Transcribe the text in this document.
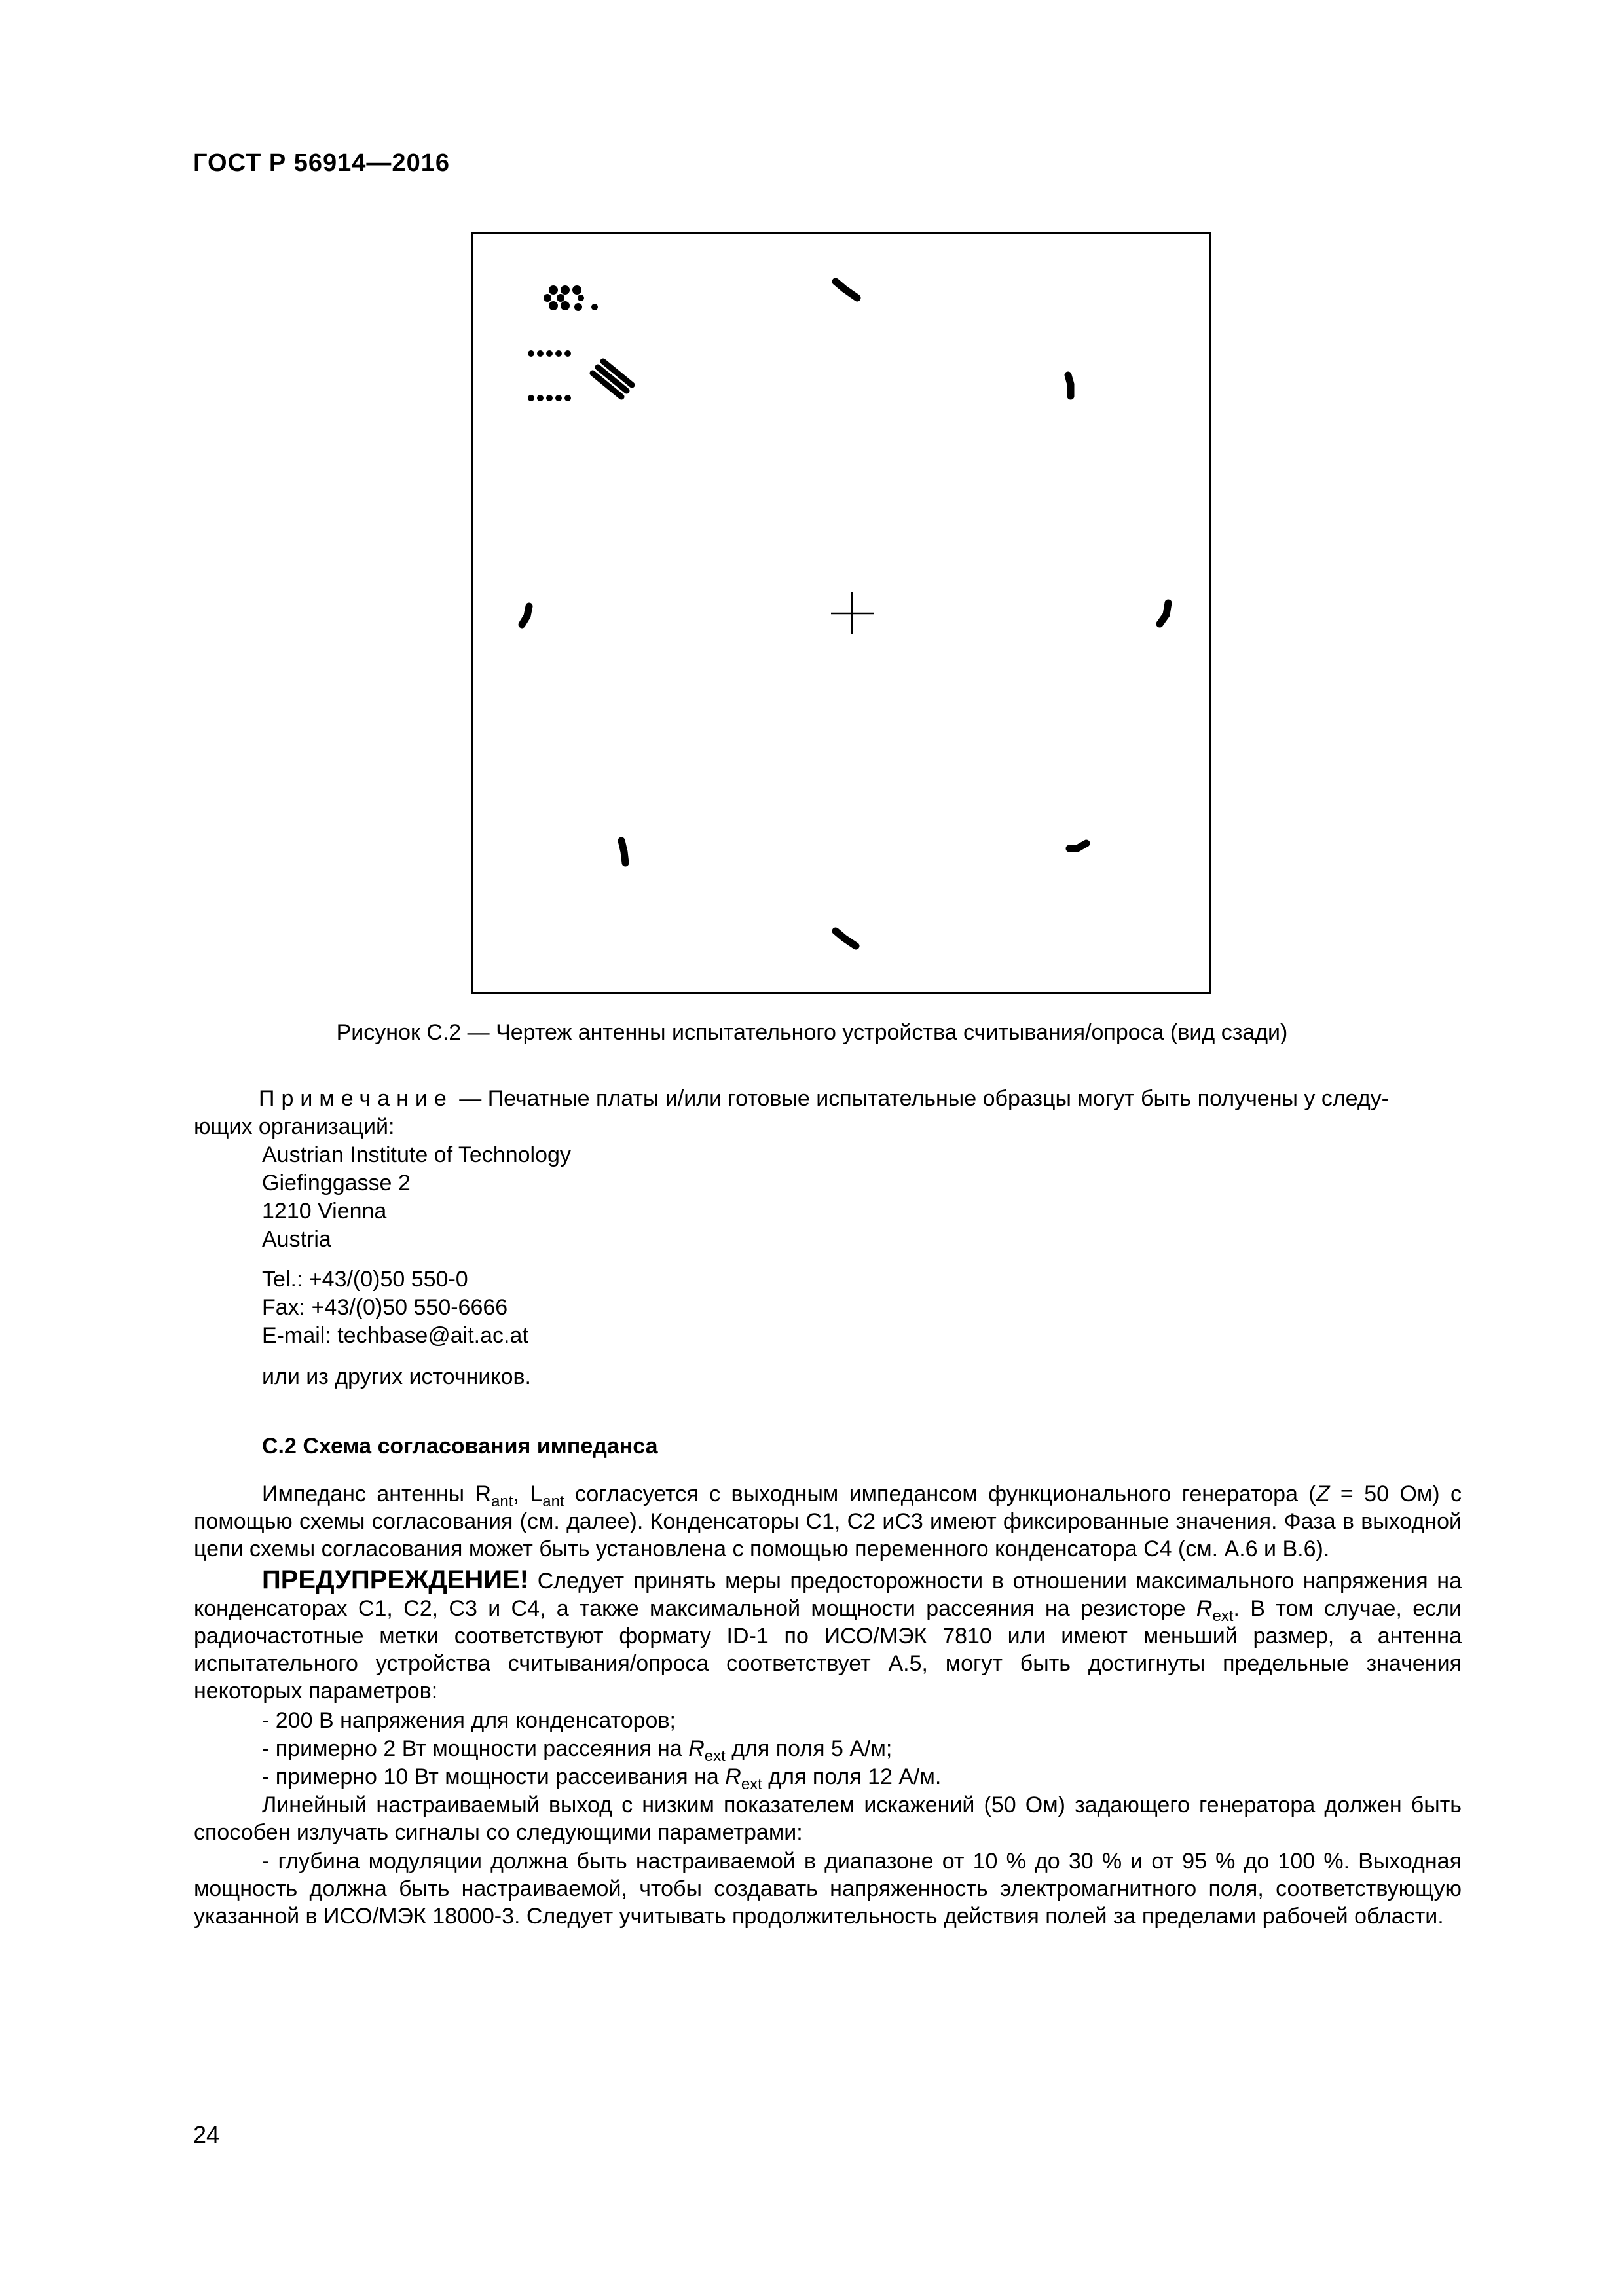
ГОСТ Р 56914—2016
Рисунок С.2 — Чертеж антенны испытательного устройства считывания/опроса (вид сзади)
Примечание — Печатные платы и/или готовые испытательные образцы могут быть получены у следу-
ющих организаций:
Austrian Institute of Technology
Giefinggasse 2
1210 Vienna
Austria
Tel.: +43/(0)50 550-0
Fax: +43/(0)50 550-6666
E-mail: techbase@ait.ac.at
или из других источников.
С.2 Схема согласования импеданса
Импеданс антенны $R_{ant}$, $L_{ant}$ согласуется с выходным импедансом функционального генератора (Z = 50 Ом) с помощью схемы согласования (см. далее). Конденсаторы С1, С2 иС3 имеют фиксированные значения. Фаза в выходной цепи схемы согласования может быть установлена с помощью переменного конденсатора С4 (см. А.6 и В.6).
ПРЕДУПРЕЖДЕНИЕ! Следует принять меры предосторожности в отношении максимального напряжения на конденсаторах С1, С2, С3 и С4, а также максимальной мощности рассеяния на резисторе $R_{ext}$. В том случае, если радиочастотные метки соответствуют формату ID-1 по ИСО/МЭК 7810 или имеют меньший размер, а антенна испытательного устройства считывания/опроса соответствует А.5, могут быть достигнуты предельные значения некоторых параметров:
- 200 В напряжения для конденсаторов;
- примерно 2 Вт мощности рассеяния на $R_{ext}$ для поля 5 А/м;
- примерно 10 Вт мощности рассеивания на $R_{ext}$ для поля 12 А/м.
Линейный настраиваемый выход с низким показателем искажений (50 Ом) задающего генератора должен быть способен излучать сигналы со следующими параметрами:
- глубина модуляции должна быть настраиваемой в диапазоне от 10 % до 30 % и от 95 % до 100 %. Выходная мощность должна быть настраиваемой, чтобы создавать напряженность электромагнитного поля, соответствующую указанной в ИСО/МЭК 18000-3. Следует учитывать продолжительность действия полей за пределами рабочей области.
24
